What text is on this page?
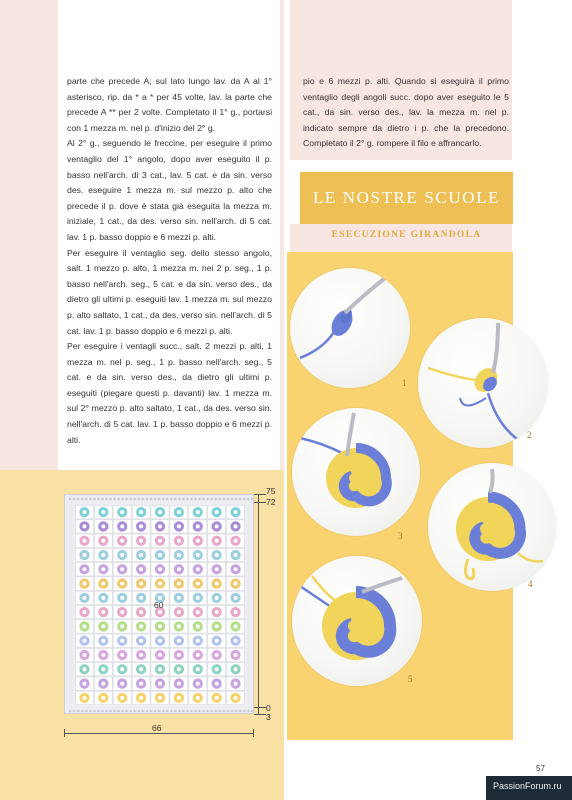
parte che precede A; sul lato lungo lav. da A al 1° asterisco, rip. da * a * per 45 volte, lav. la parte che precede A ** per 2 volte. Completato il 1° g., portarsi con 1 mezza m. nel p. d'inizio del 2° g.

Al 2° g., seguendo le freccine, per eseguire il primo ventaglio del 1° angolo, dopo aver eseguito il p. basso nell'arch. di 3 cat., lav. 5 cat. e da sin. verso des. eseguire 1 mezza m. sul mezzo p. alto che precede il p. dove è stata già eseguita la mezza m. iniziale, 1 cat., da des. verso sin. nell'arch. di 5 cat. lav. 1 p. basso doppio e 6 mezzi p. alti.

Per eseguire il ventaglio seg. dello stesso angolo, salt. 1 mezzo p. alto, 1 mezza m. nei 2 p. seg., 1 p. basso nell'arch. seg., 5 cat. e da sin. verso des., da dietro gli ultimi p. eseguiti lav. 1 mezza m. sul mezzo p. alto saltato, 1 cat., da des. verso sin. nell'arch. di 5 cat. lav. 1 p. basso doppio e 6 mezzi p. alti.

Per eseguire i ventagli succ., salt. 2 mezzi p. alti, 1 mezza m. nel p. seg., 1 p. basso nell'arch. seg., 5 cat. e da sin. verso des., da dietro gli ultimi p. eseguiti (piegare questi p. davanti) lav. 1 mezza m. sul 2° mezzo p. alto saltato, 1 cat., da des. verso sin. nell'arch. di 5 cat. lav. 1 p. basso doppio e 6 mezzi p. alti.

pio e 6 mezzi p. alti. Quando si eseguirà il primo ventaglio degli angoli succ. dopo aver eseguito le 5 cat., da sin. verso des., lav. la mezza m. nel p. indicato sempre da dietro i p. che la precedono. Completato il 2° g. rompere il filo e affrancarlo.

LE NOSTRE SCUOLE
ESECUZIONE GIRANDOLA
1
2
3
4
5
75
72
60
0
3
66
57
PassionForum.ru
